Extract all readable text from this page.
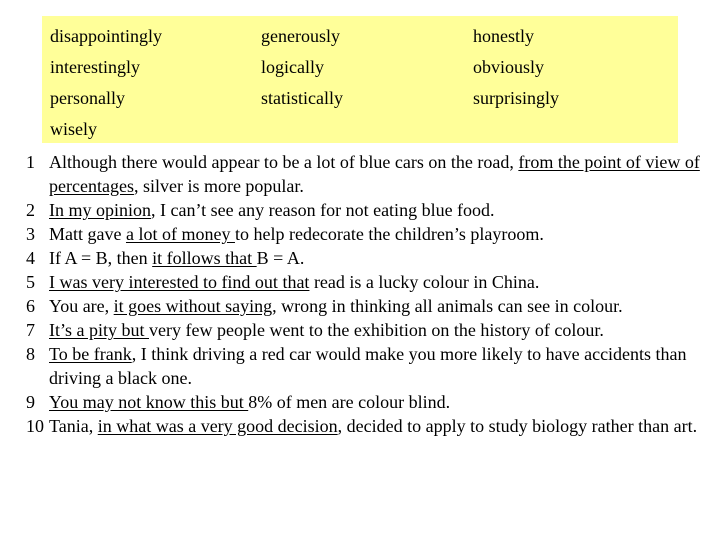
disappointingly	generously	honestly
interestingly	logically	obviously
personally	statistically	surprisingly
wisely
1 Although there would appear to be a lot of blue cars on the road, from the point of view of percentages, silver is more popular.
2 In my opinion, I can’t see any reason for not eating blue food.
3 Matt gave a lot of money to help redecorate the children’s playroom.
4 If A = B, then it follows that B = A.
5 I was very interested to find out that read is a lucky colour in China.
6 You are, it goes without saying, wrong in thinking all animals can see in colour.
7 It’s a pity but very few people went to the exhibition on the history of colour.
8 To be frank, I think driving a red car would make you more likely to have accidents than driving a black one.
9 You may not know this but 8% of men are colour blind.
10 Tania, in what was a very good decision, decided to apply to study biology rather than art.
